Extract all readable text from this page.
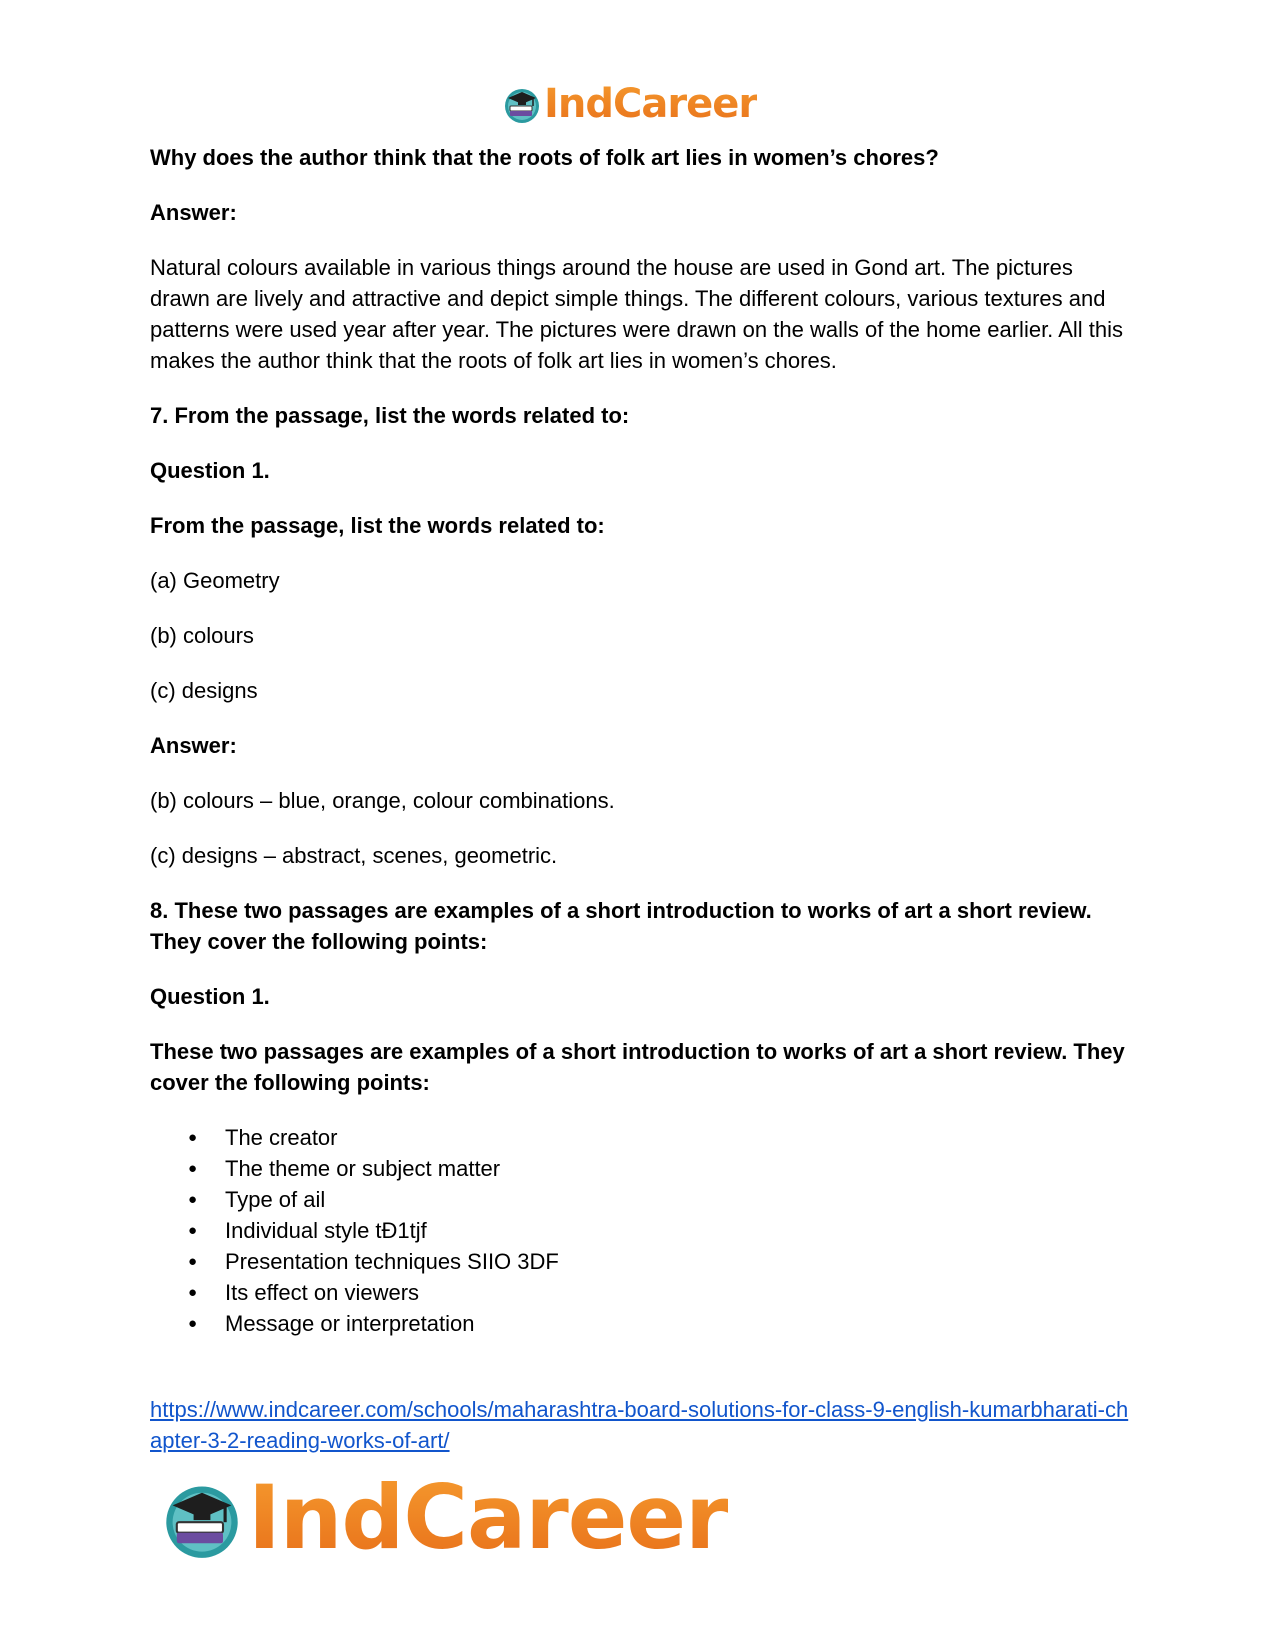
IndCareer

Why does the author think that the roots of folk art lies in women’s chores?

Answer:

Natural colours available in various things around the house are used in Gond art. The pictures drawn are lively and attractive and depict simple things. The different colours, various textures and patterns were used year after year. The pictures were drawn on the walls of the home earlier. All this makes the author think that the roots of folk art lies in women’s chores.

7. From the passage, list the words related to:

Question 1.

From the passage, list the words related to:

(a) Geometry

(b) colours

(c) designs

Answer:

(b) colours – blue, orange, colour combinations.

(c) designs – abstract, scenes, geometric.

8. These two passages are examples of a short introduction to works of art a short review. They cover the following points:

Question 1.

These two passages are examples of a short introduction to works of art a short review. They cover the following points:

● The creator
● The theme or subject matter
● Type of ail
● Individual style tĐ1tjf
● Presentation techniques SIIO 3DF
● Its effect on viewers
● Message or interpretation
https://www.indcareer.com/schools/maharashtra-board-solutions-for-class-9-english-kumarbharati-chapter-3-2-reading-works-of-art/
IndCareer
